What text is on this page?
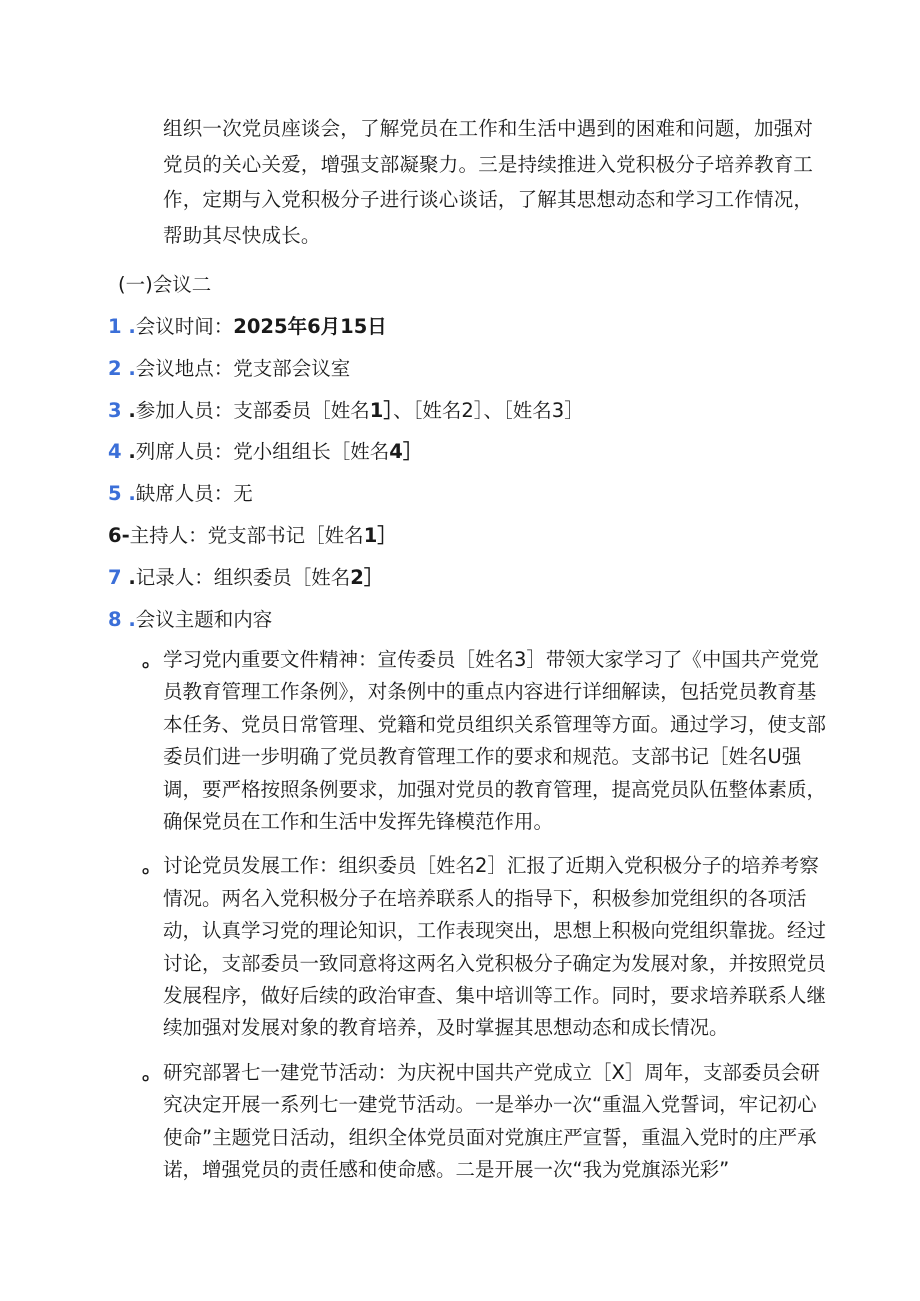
组织一次党员座谈会，了解党员在工作和生活中遇到的困难和问题，加强对党员的关心关爱，增强支部凝聚力。三是持续推进入党积极分子培养教育工作，定期与入党积极分子进行谈心谈话，了解其思想动态和学习工作情况，帮助其尽快成长。

(一)会议二

1 .会议时间：2025年6月15日
2 .会议地点：党支部会议室
3 .参加人员：支部委员［姓名1］、［姓名2］、［姓名3］
4 .列席人员：党小组组长［姓名4］
5 .缺席人员：无
6-主持人：党支部书记［姓名1］
7 .记录人：组织委员［姓名2］
8 .会议主题和内容
。 学习党内重要文件精神：宣传委员［姓名3］带领大家学习了《中国共产党党员教育管理工作条例》，对条例中的重点内容进行详细解读，包括党员教育基本任务、党员日常管理、党籍和党员组织关系管理等方面。通过学习，使支部委员们进一步明确了党员教育管理工作的要求和规范。支部书记［姓名U强调，要严格按照条例要求，加强对党员的教育管理，提高党员队伍整体素质，确保党员在工作和生活中发挥先锋模范作用。
。 讨论党员发展工作：组织委员［姓名2］汇报了近期入党积极分子的培养考察情况。两名入党积极分子在培养联系人的指导下，积极参加党组织的各项活动，认真学习党的理论知识，工作表现突出，思想上积极向党组织靠拢。经过讨论，支部委员一致同意将这两名入党积极分子确定为发展对象，并按照党员发展程序，做好后续的政治审查、集中培训等工作。同时，要求培养联系人继续加强对发展对象的教育培养，及时掌握其思想动态和成长情况。
。 研究部署七一建党节活动：为庆祝中国共产党成立［X］周年，支部委员会研究决定开展一系列七一建党节活动。一是举办一次“重温入党誓词，牢记初心使命”主题党日活动，组织全体党员面对党旗庄严宣誓，重温入党时的庄严承诺，增强党员的责任感和使命感。二是开展一次“我为党旗添光彩”
